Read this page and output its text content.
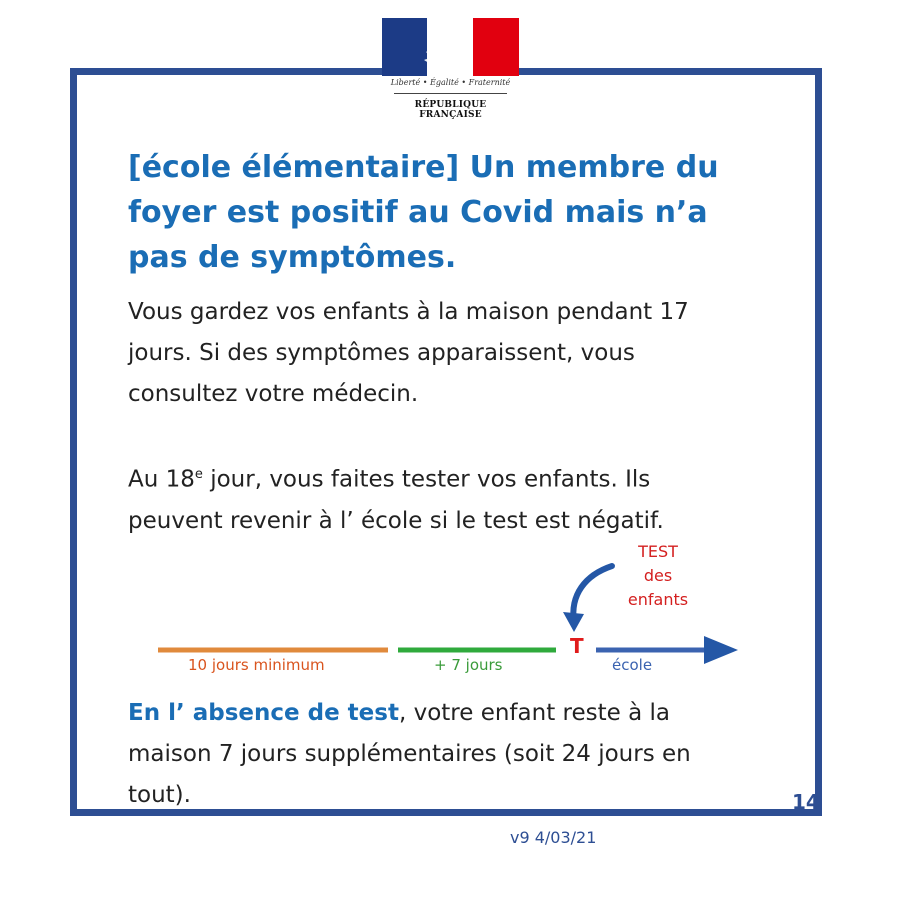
Liberté • Égalité • Fraternité
RÉPUBLIQUE FRANÇAISE
[école élémentaire] Un membre du
foyer est positif au Covid mais n’a
pas de symptômes.

Vous gardez vos enfants à la maison pendant 17
jours. Si des symptômes apparaissent, vous
consultez votre médecin.

Au 18e jour, vous faites tester vos enfants. Ils
peuvent revenir à l’ école si le test est négatif.

TEST
des
enfants
T
10 jours minimum	+ 7 jours	école

En l’ absence de test, votre enfant reste à la
maison 7 jours supplémentaires (soit 24 jours en
tout).	14
v9 4/03/21
